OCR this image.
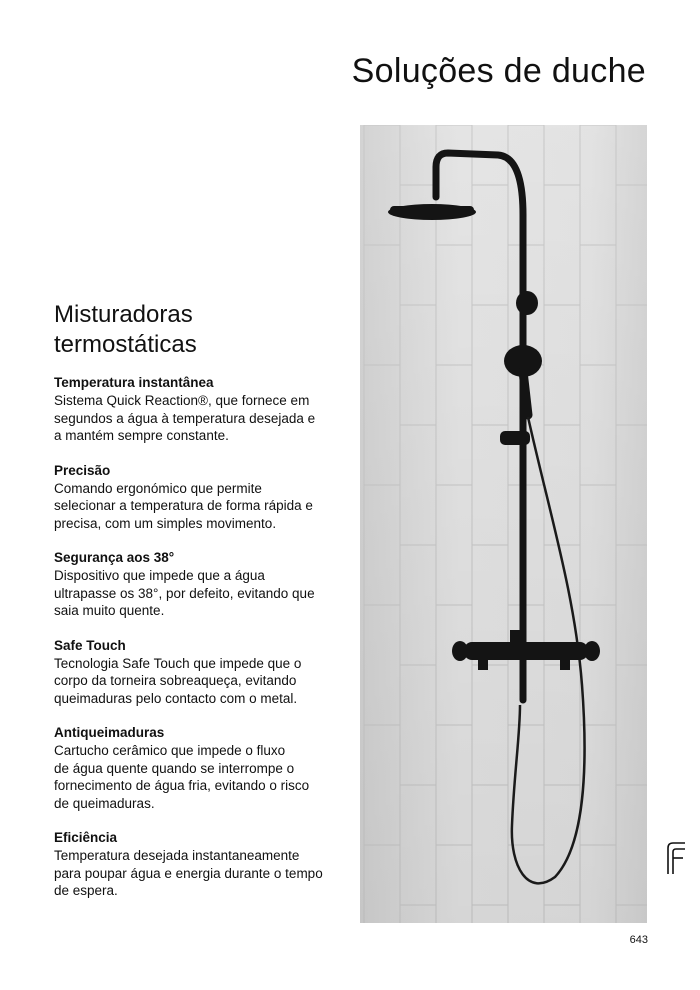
Soluções de duche
Misturadoras
termostáticas

Temperatura instantânea

Sistema Quick Reaction®, que fornece em
segundos a água à temperatura desejada e
a mantém sempre constante.

Precisão

Comando ergonómico que permite
selecionar a temperatura de forma rápida e
precisa, com um simples movimento.

Segurança aos 38°

Dispositivo que impede que a água
ultrapasse os 38°, por defeito, evitando que
saia muito quente.

Safe Touch

Tecnologia Safe Touch que impede que o
corpo da torneira sobreaqueça, evitando
queimaduras pelo contacto com o metal.

Antiqueimaduras

Cartucho cerâmico que impede o fluxo
de água quente quando se interrompe o
fornecimento de água fria, evitando o risco
de queimaduras.

Eficiência

Temperatura desejada instantaneamente
para poupar água e energia durante o tempo
de espera.

643
